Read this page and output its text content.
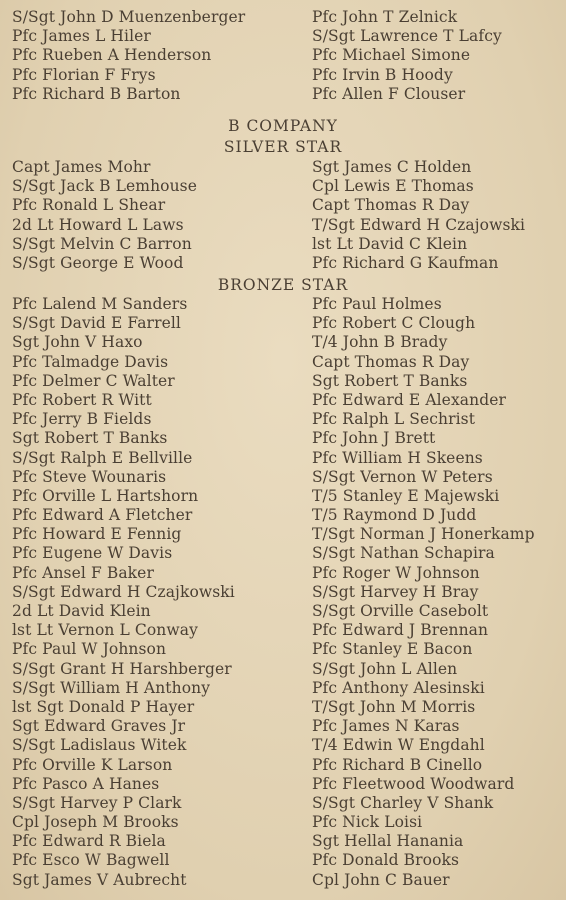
S/Sgt John D Muenzenberger
Pfc James L Hiler
Pfc Rueben A Henderson
Pfc Florian F Frys
Pfc Richard B Barton
Pfc John T Zelnick
S/Sgt Lawrence T Lafcy
Pfc Michael Simone
Pfc Irvin B Hoody
Pfc Allen F Clouser
B COMPANY
SILVER STAR
Capt James Mohr
S/Sgt Jack B Lemhouse
Pfc Ronald L Shear
2d Lt Howard L Laws
S/Sgt Melvin C Barron
S/Sgt George E Wood
Sgt James C Holden
Cpl Lewis E Thomas
Capt Thomas R Day
T/Sgt Edward H Czajowski
lst Lt David C Klein
Pfc Richard G Kaufman
BRONZE STAR
Pfc Lalend M Sanders
S/Sgt David E Farrell
Sgt John V Haxo
Pfc Talmadge Davis
Pfc Delmer C Walter
Pfc Robert R Witt
Pfc Jerry B Fields
Sgt Robert T Banks
S/Sgt Ralph E Bellville
Pfc Steve Wounaris
Pfc Orville L Hartshorn
Pfc Edward A Fletcher
Pfc Howard E Fennig
Pfc Eugene W Davis
Pfc Ansel F Baker
S/Sgt Edward H Czajkowski
2d Lt David Klein
lst Lt Vernon L Conway
Pfc Paul W Johnson
S/Sgt Grant H Harshberger
S/Sgt William H Anthony
lst Sgt Donald P Hayer
Sgt Edward Graves Jr
S/Sgt Ladislaus Witek
Pfc Orville K Larson
Pfc Pasco A Hanes
S/Sgt Harvey P Clark
Cpl Joseph M Brooks
Pfc Edward R Biela
Pfc Esco W Bagwell
Sgt James V Aubrecht
Pfc Paul Holmes
Pfc Robert C Clough
T/4 John B Brady
Capt Thomas R Day
Sgt Robert T Banks
Pfc Edward E Alexander
Pfc Ralph L Sechrist
Pfc John J Brett
Pfc William H Skeens
S/Sgt Vernon W Peters
T/5 Stanley E Majewski
T/5 Raymond D Judd
T/Sgt Norman J Honerkamp
S/Sgt Nathan Schapira
Pfc Roger W Johnson
S/Sgt Harvey H Bray
S/Sgt Orville Casebolt
Pfc Edward J Brennan
Pfc Stanley E Bacon
S/Sgt John L Allen
Pfc Anthony Alesinski
T/Sgt John M Morris
Pfc James N Karas
T/4 Edwin W Engdahl
Pfc Richard B Cinello
Pfc Fleetwood Woodward
S/Sgt Charley V Shank
Pfc Nick Loisi
Sgt Hellal Hanania
Pfc Donald Brooks
Cpl John C Bauer
